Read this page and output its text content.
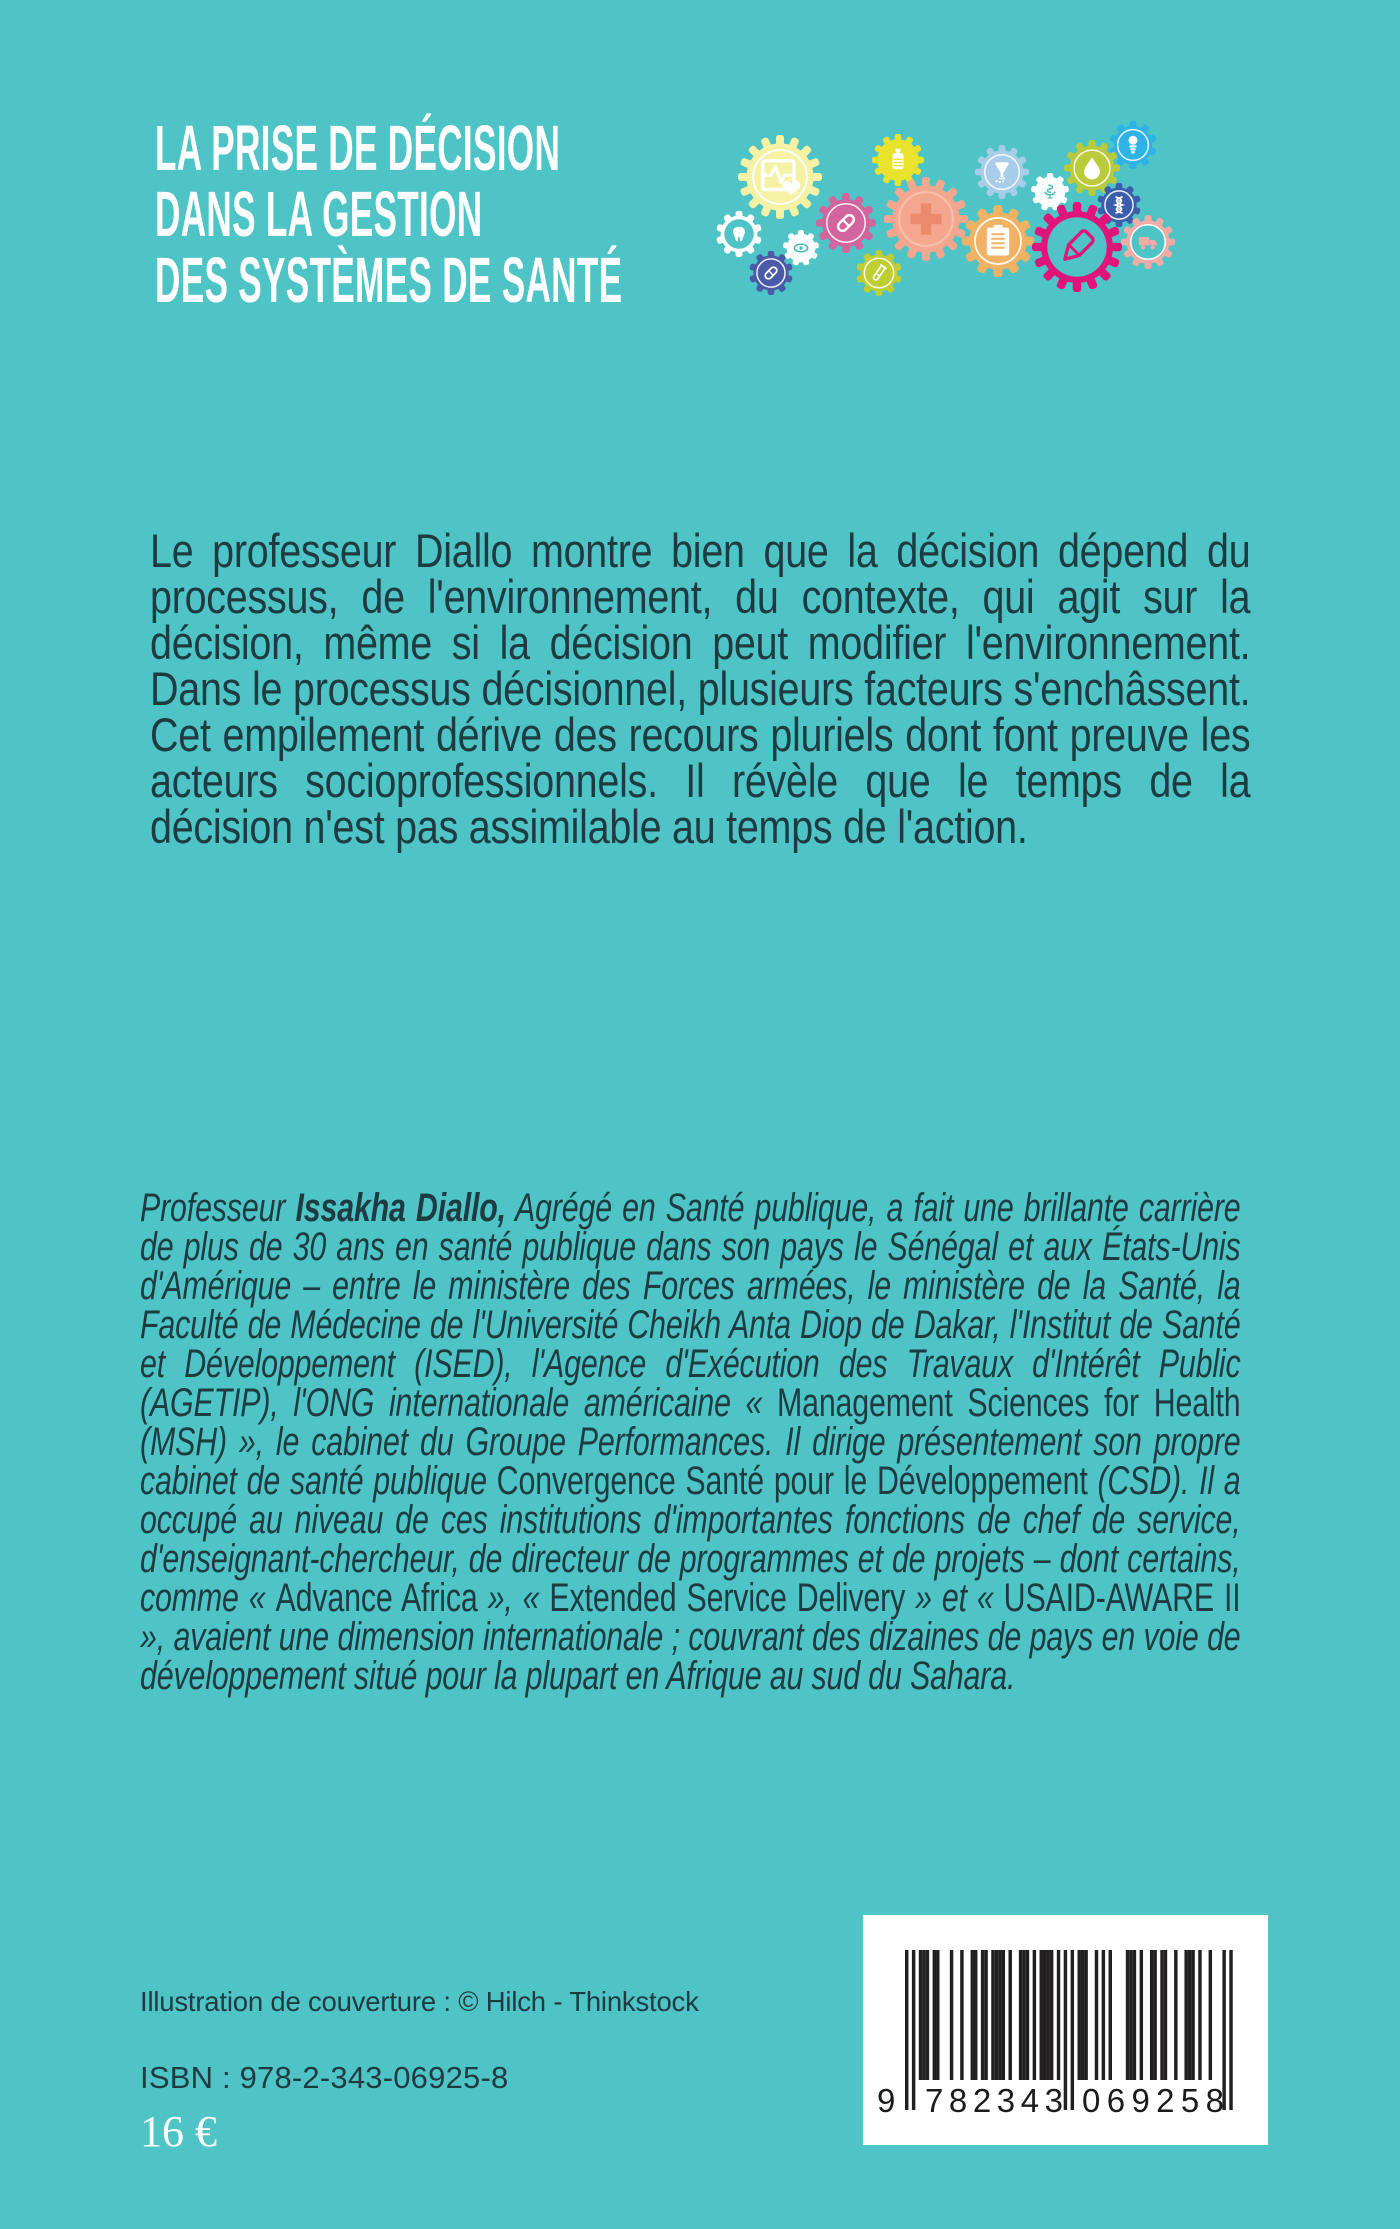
LA PRISE DE DÉCISION
DANS LA GESTION
DES SYSTÈMES DE SANTÉ

Le professeur Diallo montre bien que la décision dépend du processus, de l'environnement, du contexte, qui agit sur la décision, même si la décision peut modifier l'environnement. Dans le processus décisionnel, plusieurs facteurs s'enchâssent. Cet empilement dérive des recours pluriels dont font preuve les acteurs socioprofessionnels. Il révèle que le temps de la décision n'est pas assimilable au temps de l'action.

Professeur Issakha Diallo, Agrégé en Santé publique, a fait une brillante carrière de plus de 30 ans en santé publique dans son pays le Sénégal et aux États-Unis d'Amérique – entre le ministère des Forces armées, le ministère de la Santé, la Faculté de Médecine de l'Université Cheikh Anta Diop de Dakar, l'Institut de Santé et Développement (ISED), l'Agence d'Exécution des Travaux d'Intérêt Public (AGETIP), l'ONG internationale américaine « Management Sciences for Health (MSH) », le cabinet du Groupe Performances. Il dirige présentement son propre cabinet de santé publique Convergence Santé pour le Développement (CSD). Il a occupé au niveau de ces institutions d'importantes fonctions de chef de service, d'enseignant-chercheur, de directeur de programmes et de projets – dont certains, comme « Advance Africa », « Extended Service Delivery » et « USAID-AWARE II », avaient une dimension internationale ; couvrant des dizaines de pays en voie de développement situé pour la plupart en Afrique au sud du Sahara.

Illustration de couverture : © Hilch - Thinkstock
ISBN : 978-2-343-06925-8
16 €
9 782343 069258
